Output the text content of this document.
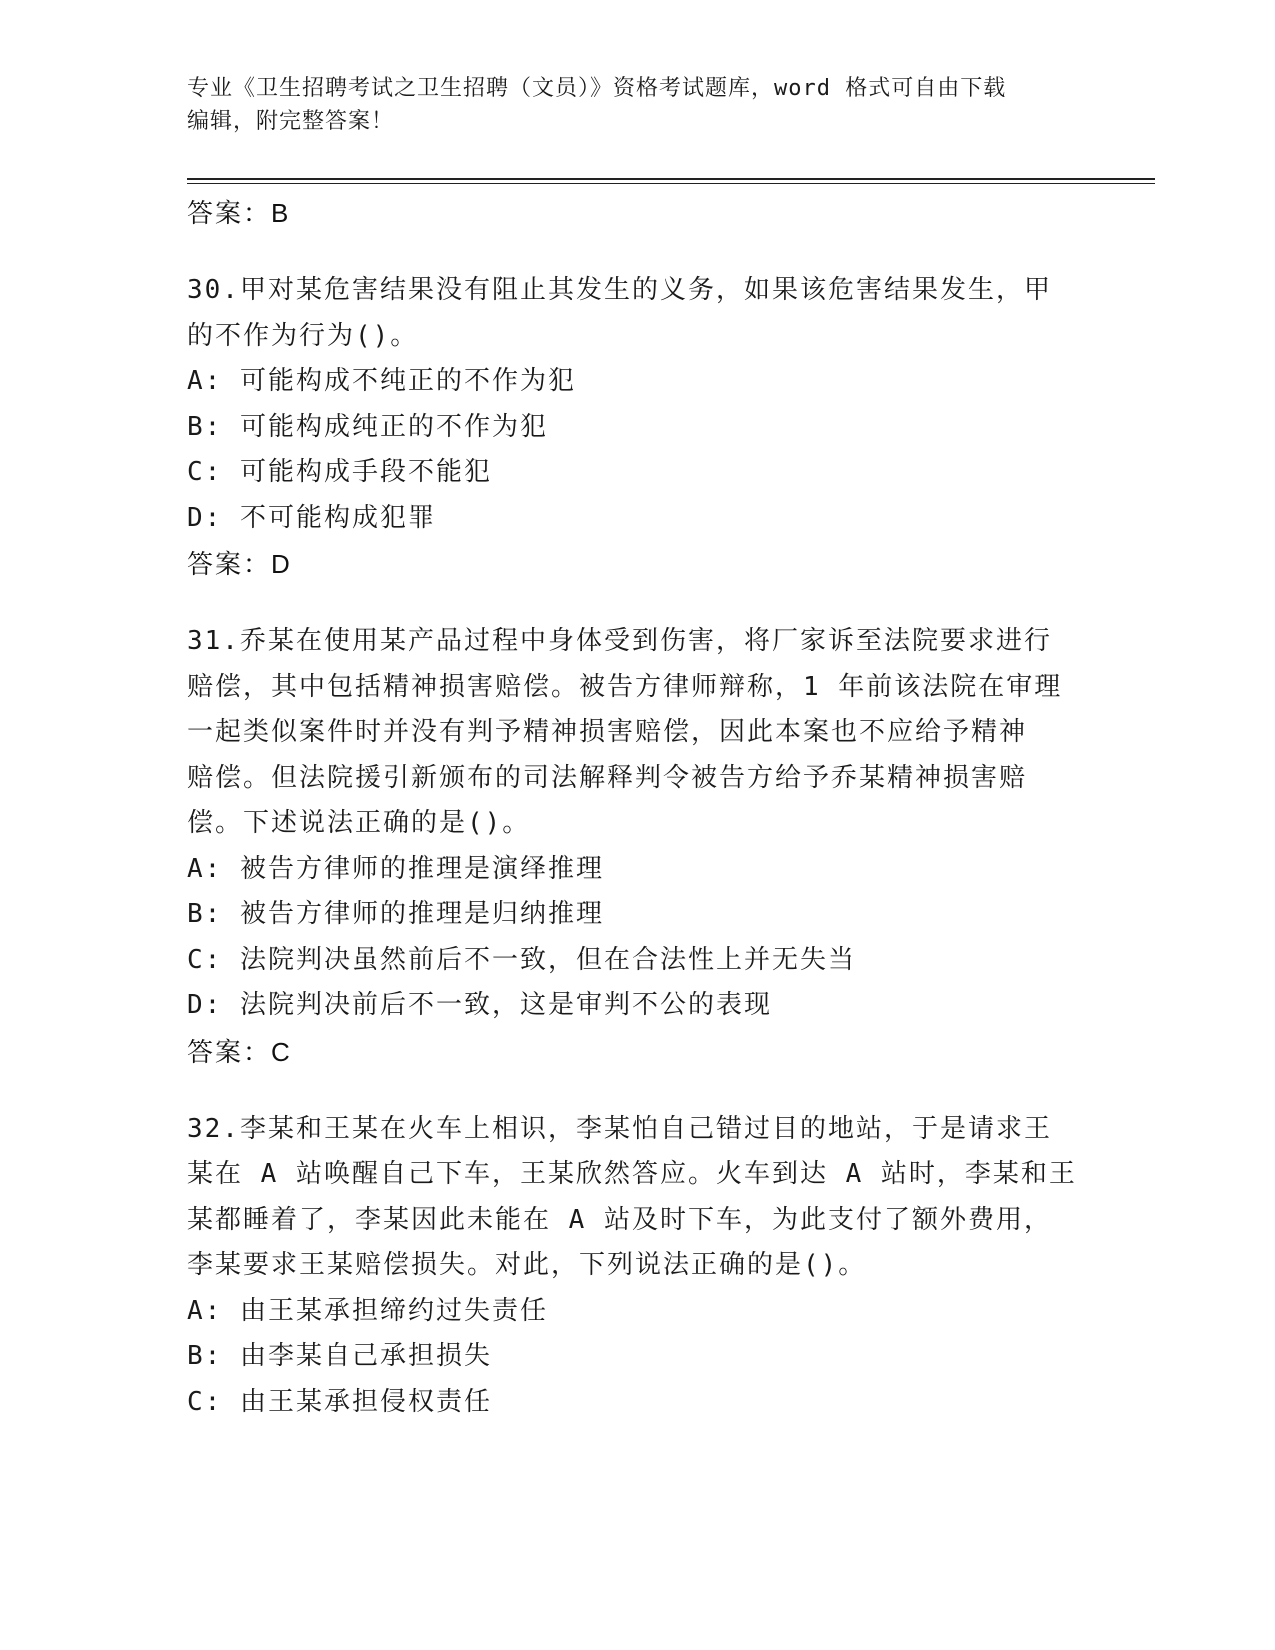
专业《卫生招聘考试之卫生招聘（文员）》资格考试题库，word 格式可自由下载
编辑，附完整答案！
答案：B
30.甲对某危害结果没有阻止其发生的义务，如果该危害结果发生，甲
的不作为行为()。
A: 可能构成不纯正的不作为犯
B: 可能构成纯正的不作为犯
C: 可能构成手段不能犯
D: 不可能构成犯罪
答案：D
31.乔某在使用某产品过程中身体受到伤害，将厂家诉至法院要求进行
赔偿，其中包括精神损害赔偿。被告方律师辩称，1 年前该法院在审理
一起类似案件时并没有判予精神损害赔偿，因此本案也不应给予精神
赔偿。但法院援引新颁布的司法解释判令被告方给予乔某精神损害赔
偿。下述说法正确的是()。
A: 被告方律师的推理是演绎推理
B: 被告方律师的推理是归纳推理
C: 法院判决虽然前后不一致，但在合法性上并无失当
D: 法院判决前后不一致，这是审判不公的表现
答案：C
32.李某和王某在火车上相识，李某怕自己错过目的地站，于是请求王
某在 A 站唤醒自己下车，王某欣然答应。火车到达 A 站时，李某和王
某都睡着了，李某因此未能在 A 站及时下车，为此支付了额外费用，
李某要求王某赔偿损失。对此，下列说法正确的是()。
A: 由王某承担缔约过失责任
B: 由李某自己承担损失
C: 由王某承担侵权责任
